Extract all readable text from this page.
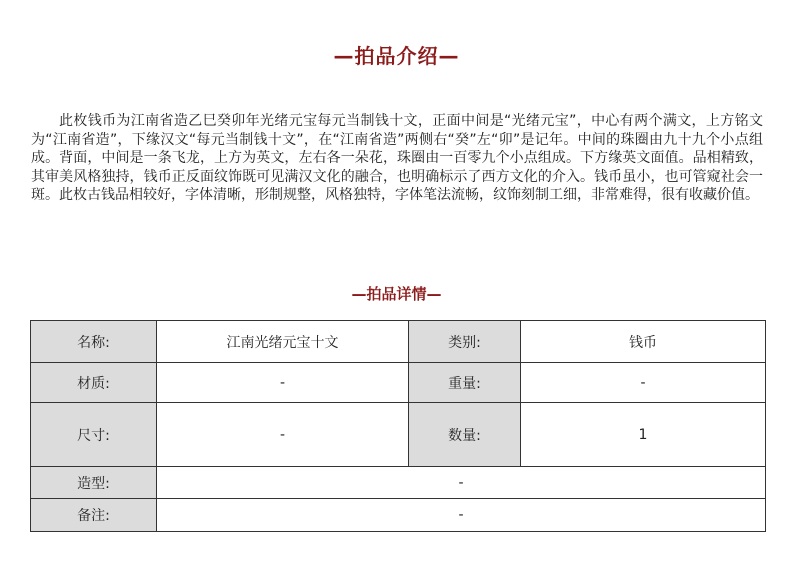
—拍品介绍—

此枚钱币为江南省造乙巳癸卯年光绪元宝每元当制钱十文，正面中间是“光绪元宝”，中心有两个满文，上方铭文为“江南省造”，下缘汉文“每元当制钱十文”，在“江南省造”两侧右“癸”左“卯”是记年。中间的珠圈由九十九个小点组成。背面，中间是一条飞龙，上方为英文，左右各一朵花，珠圈由一百零九个小点组成。下方缘英文面值。品相精致，其审美风格独持，钱币正反面纹饰既可见满汉文化的融合，也明确标示了西方文化的介入。钱币虽小，也可管窥社会一斑。此枚古钱品相较好，字体清晰，形制规整，风格独特，字体笔法流畅，纹饰刻制工细，非常难得，很有收藏价值。

—拍品详情—
名称:	江南光绪元宝十文	类别:	钱币
材质:	-	重量:	-
尺寸:	-	数量:	1
造型:	-		
备注:	-		
